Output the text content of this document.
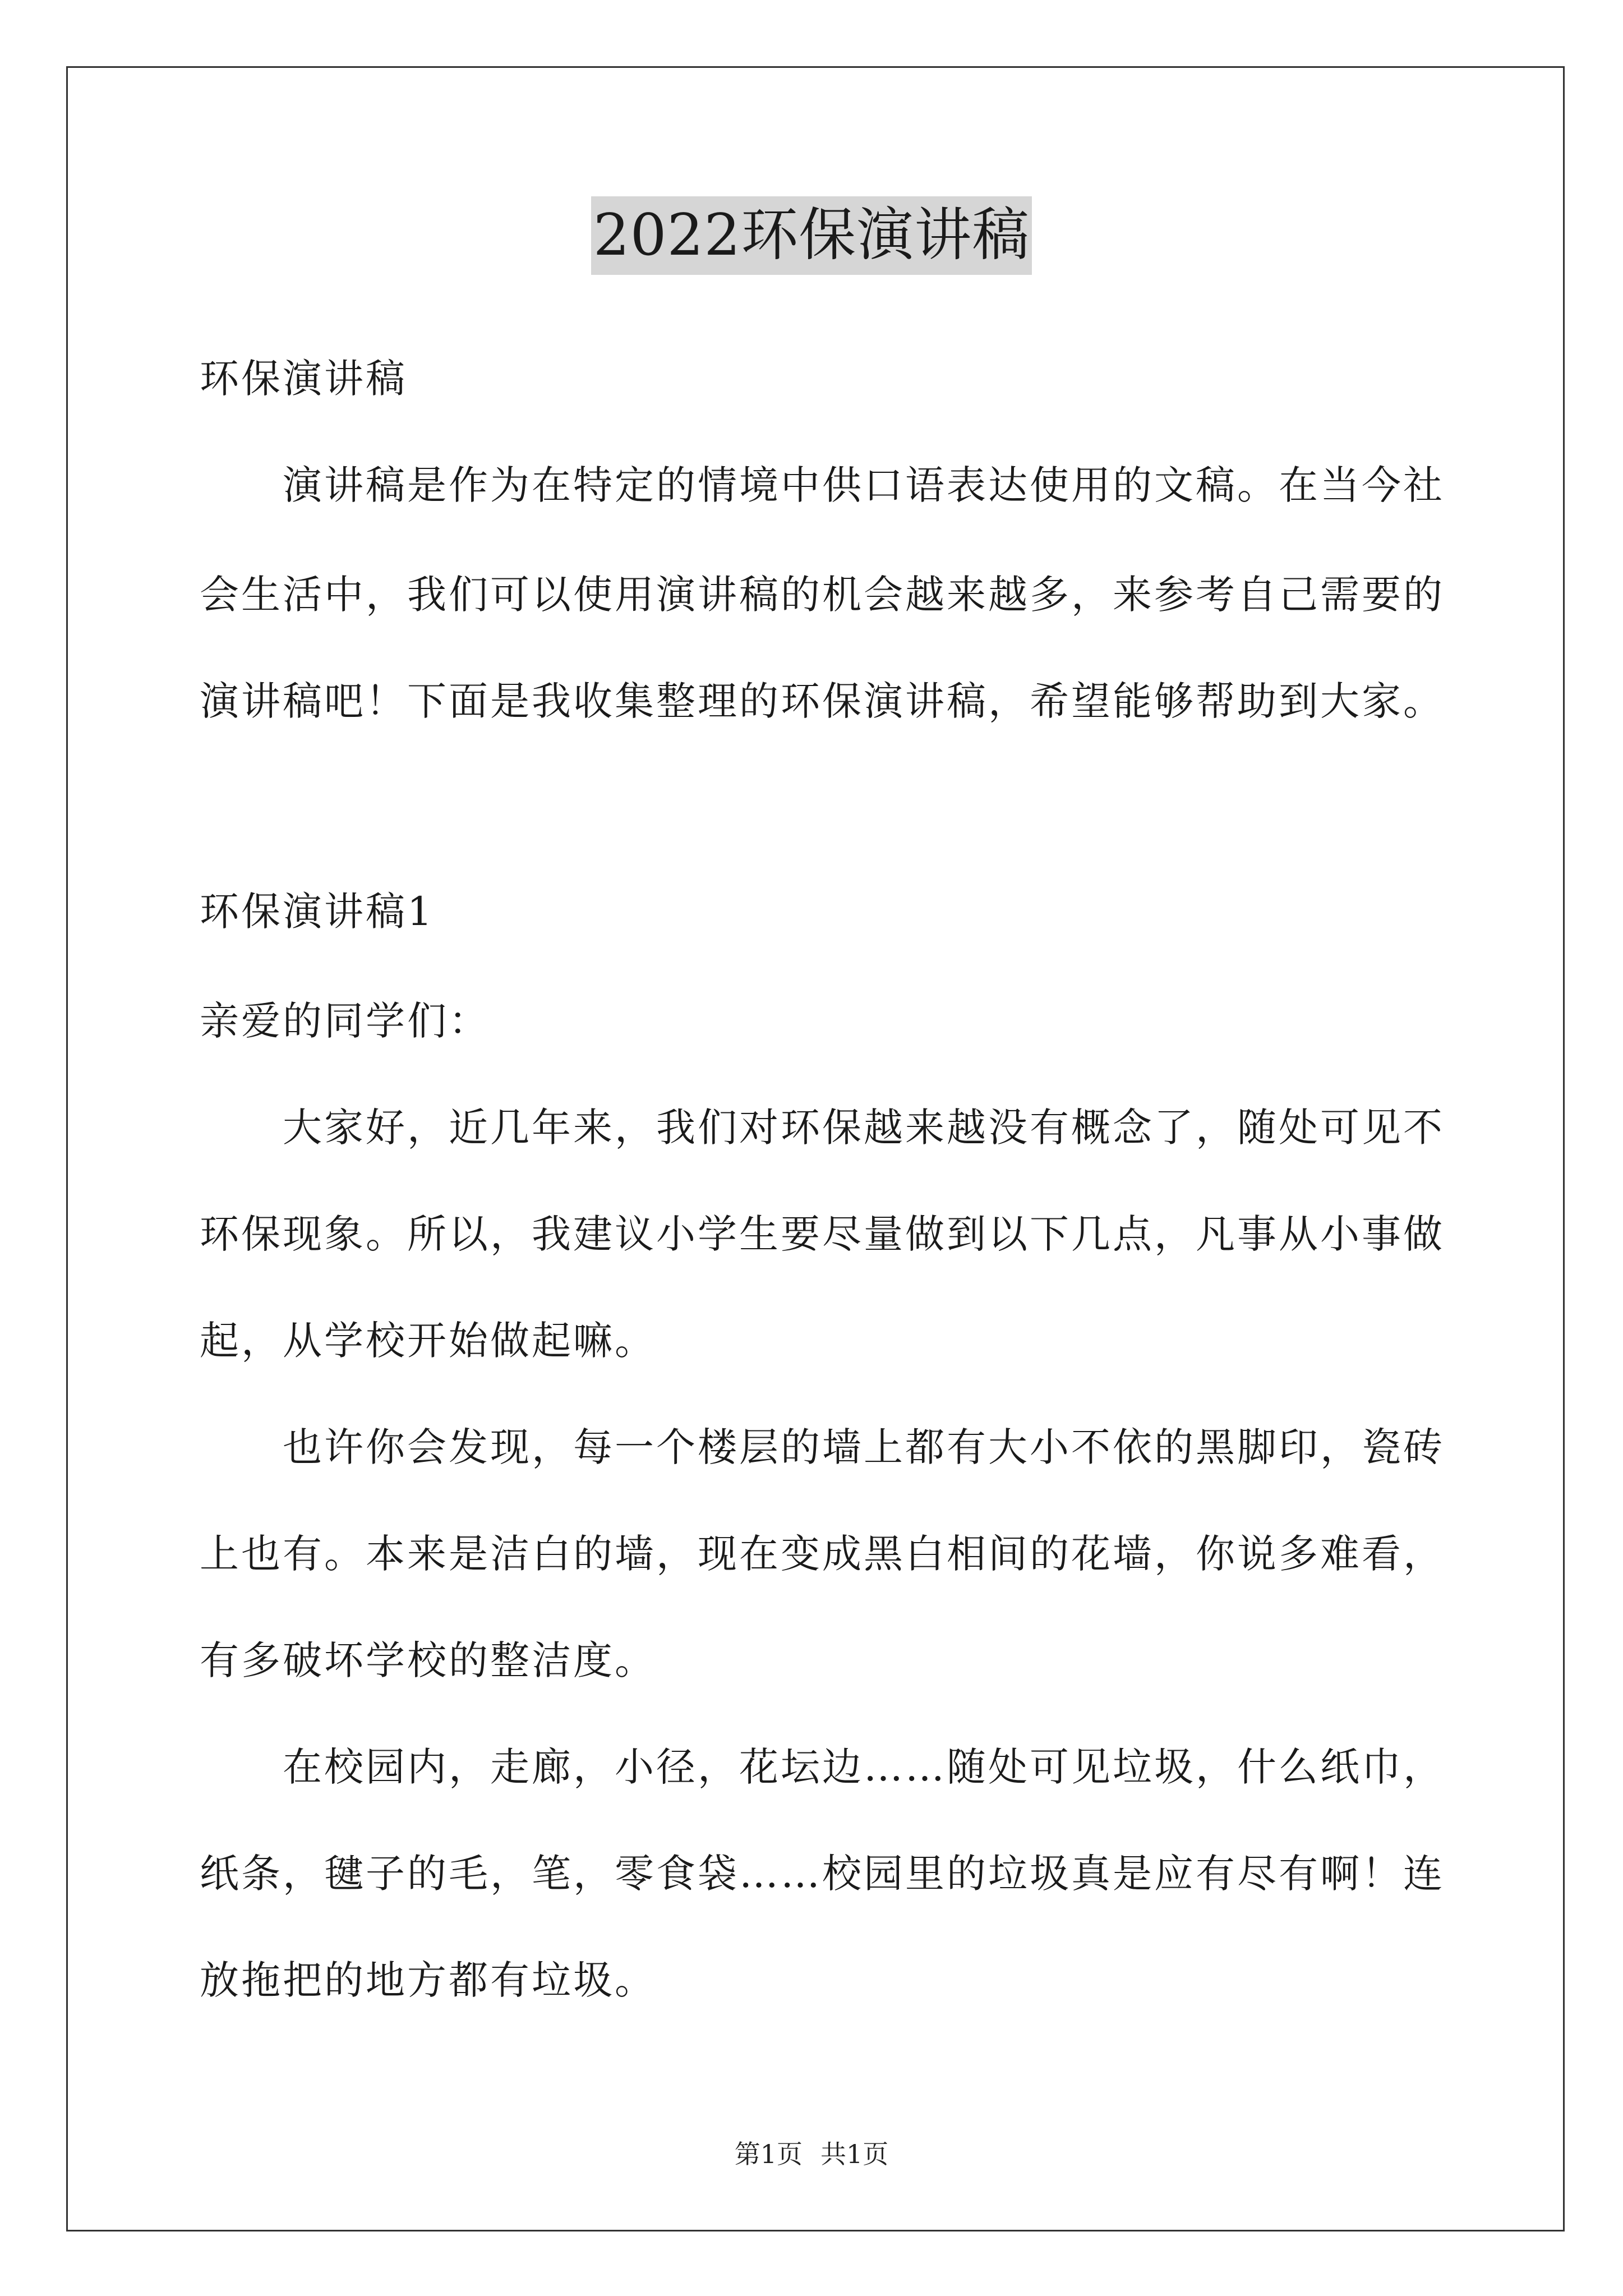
2022环保演讲稿
环保演讲稿
演讲稿是作为在特定的情境中供口语表达使用的文稿。在当今社
会生活中，我们可以使用演讲稿的机会越来越多，来参考自己需要的
演讲稿吧！下面是我收集整理的环保演讲稿，希望能够帮助到大家。
环保演讲稿1
亲爱的同学们：
大家好，近几年来，我们对环保越来越没有概念了，随处可见不
环保现象。所以，我建议小学生要尽量做到以下几点，凡事从小事做
起，从学校开始做起嘛。
也许你会发现，每一个楼层的墙上都有大小不依的黑脚印，瓷砖
上也有。本来是洁白的墙，现在变成黑白相间的花墙，你说多难看，
有多破坏学校的整洁度。
在校园内，走廊，小径，花坛边……随处可见垃圾，什么纸巾，
纸条，毽子的毛，笔，零食袋……校园里的垃圾真是应有尽有啊！连
放拖把的地方都有垃圾。
第1页 共1页
